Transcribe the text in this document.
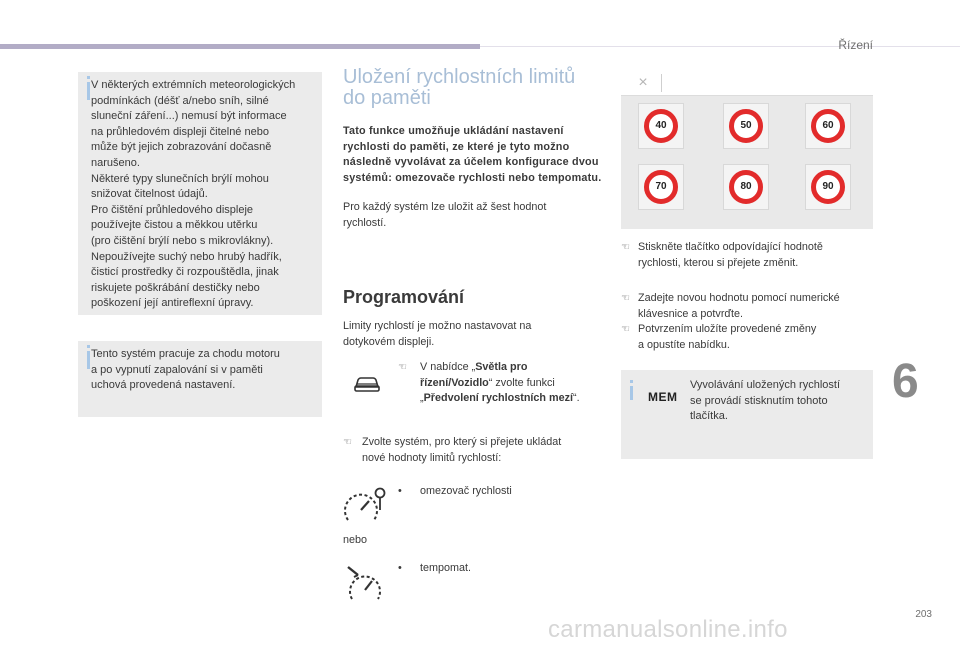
Řízení
6
203
carmanualsonline.info
V některých extrémních meteorologických
podmínkách (déšť a/nebo sníh, silné
sluneční záření...) nemusí být informace
na průhledovém displeji čitelné nebo
může být jejich zobrazování dočasně
narušeno.
Některé typy slunečních brýlí mohou
snižovat čitelnost údajů.
Pro čištění průhledového displeje
používejte čistou a měkkou utěrku
(pro čištění brýlí nebo s mikrovlákny).
Nepoužívejte suchý nebo hrubý hadřík,
čisticí prostředky či rozpouštědla, jinak
riskujete poškrábání destičky nebo
poškození její antireflexní úpravy.
Tento systém pracuje za chodu motoru
a po vypnutí zapalování si v paměti
uchová provedená nastavení.
Uložení rychlostních limitů
do paměti
Tato funkce umožňuje ukládání nastavení rychlosti do paměti, ze které je tyto možno následně vyvolávat za účelem konfigurace dvou systémů: omezovače rychlosti nebo tempomatu.
Pro každý systém lze uložit až šest hodnot
rychlostí.
Programování
Limity rychlostí je možno nastavovat na
dotykovém displeji.
☜ V nabídce „Světla pro řízení/Vozidlo“ zvolte funkci „Předvolení rychlostních mezí“.
☜ Zvolte systém, pro který si přejete ukládat
nové hodnoty limitů rychlostí:
• omezovač rychlosti
nebo
• tempomat.
×
40	50	60
70	80	90
☜ Stiskněte tlačítko odpovídající hodnotě
rychlosti, kterou si přejete změnit.
☜ Zadejte novou hodnotu pomocí numerické
klávesnice a potvrďte.
☜ Potvrzením uložíte provedené změny
a opustíte nabídku.
Vyvolávání uložených rychlostí
se provádí stisknutím tohoto
tlačítka.
MEM
